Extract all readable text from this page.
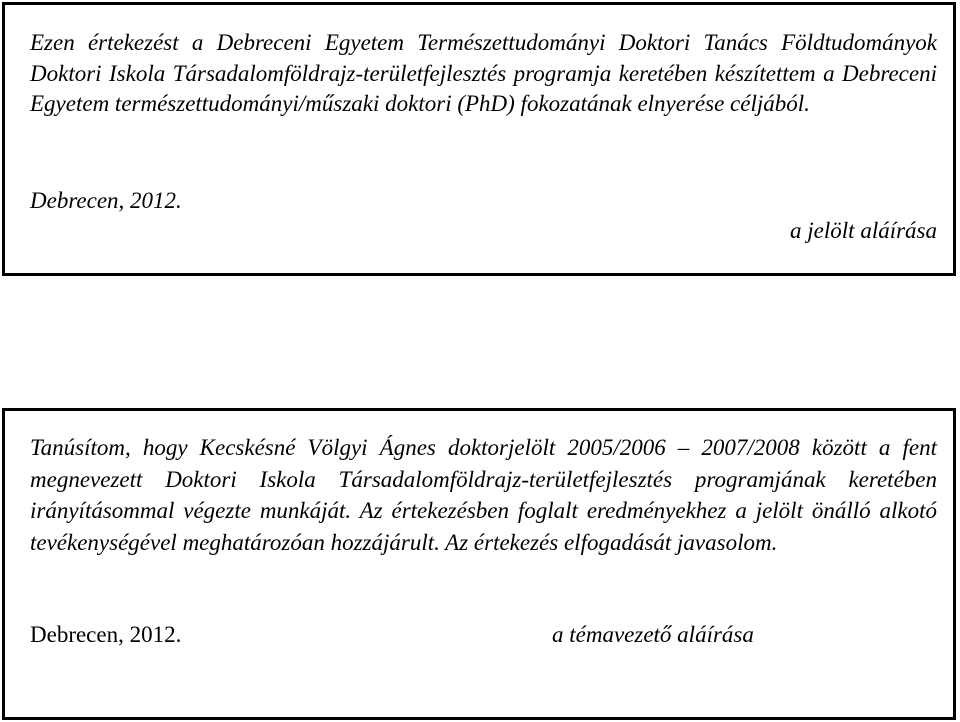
Ezen értekezést a Debreceni Egyetem Természettudományi Doktori Tanács Földtudományok Doktori Iskola Társadalomföldrajz-területfejlesztés programja keretében készítettem a Debreceni Egyetem természettudományi/műszaki doktori (PhD) fokozatának elnyerése céljából.

Debrecen, 2012.
a jelölt aláírása

Tanúsítom, hogy Kecskésné Völgyi Ágnes doktorjelölt 2005/2006 – 2007/2008 között a fent megnevezett Doktori Iskola Társadalomföldrajz-területfejlesztés programjának keretében irányításommal végezte munkáját. Az értekezésben foglalt eredményekhez a jelölt önálló alkotó tevékenységével meghatározóan hozzájárult. Az értekezés elfogadását javasolom.

Debrecen, 2012.	a témavezető aláírása
